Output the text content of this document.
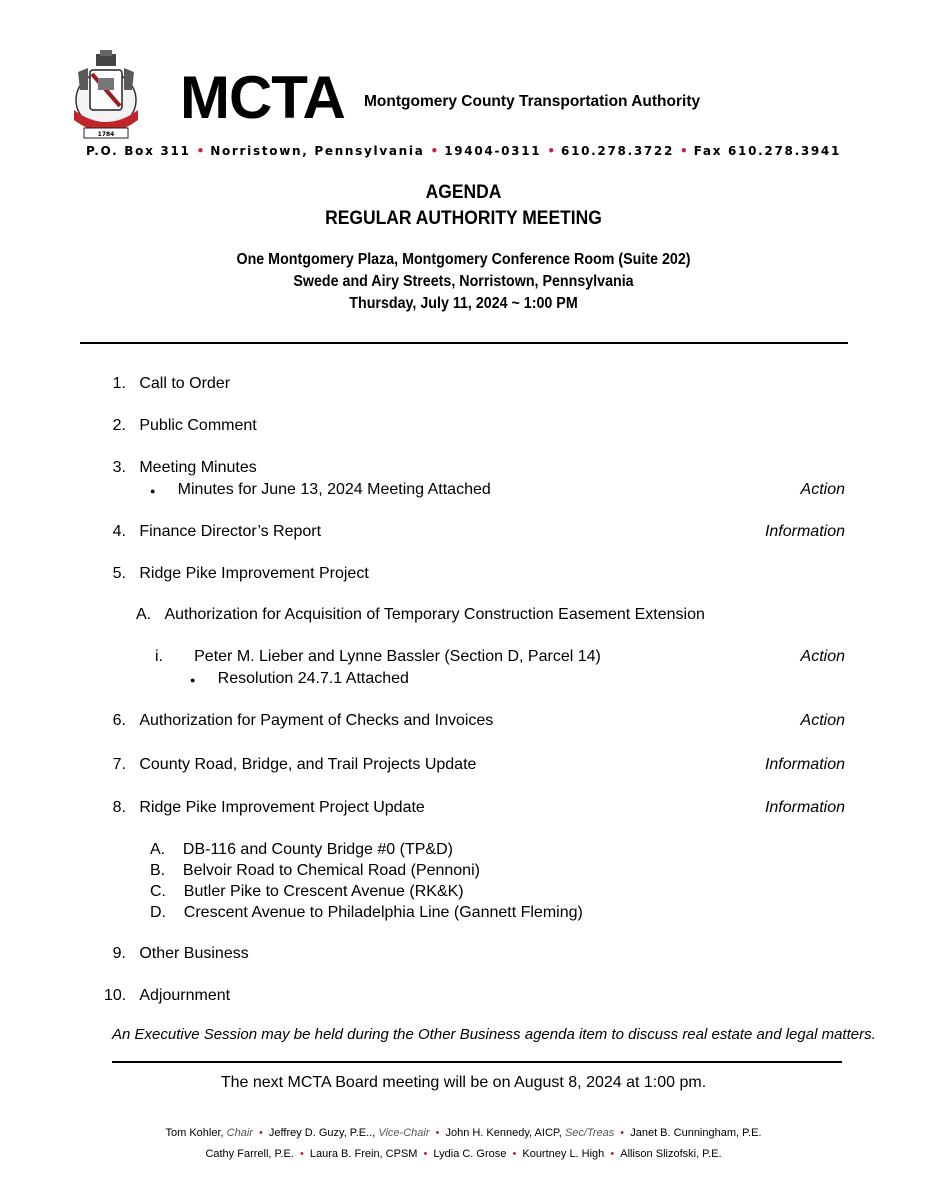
1784
MCTA Montgomery County Transportation Authority
P.O. Box 311 • Norristown, Pennsylvania • 19404-0311 • 610.278.3722 • Fax 610.278.3941
AGENDA
REGULAR AUTHORITY MEETING
One Montgomery Plaza, Montgomery Conference Room (Suite 202)
Swede and Airy Streets, Norristown, Pennsylvania
Thursday, July 11, 2024 ~ 1:00 PM
1. Call to Order
2. Public Comment
3. Meeting Minutes
● Minutes for June 13, 2024 Meeting Attached	Action
4. Finance Director’s Report	Information
5. Ridge Pike Improvement Project
A. Authorization for Acquisition of Temporary Construction Easement Extension
i. Peter M. Lieber and Lynne Bassler (Section D, Parcel 14)	Action
● Resolution 24.7.1 Attached
6. Authorization for Payment of Checks and Invoices	Action
7. County Road, Bridge, and Trail Projects Update	Information
8. Ridge Pike Improvement Project Update	Information
A. DB-116 and County Bridge #0 (TP&D)
B. Belvoir Road to Chemical Road (Pennoni)
C. Butler Pike to Crescent Avenue (RK&K)
D. Crescent Avenue to Philadelphia Line (Gannett Fleming)
9. Other Business
10. Adjournment
An Executive Session may be held during the Other Business agenda item to discuss real estate and legal matters.
The next MCTA Board meeting will be on August 8, 2024 at 1:00 pm.
Tom Kohler, Chair • Jeffrey D. Guzy, P.E.., Vice-Chair • John H. Kennedy, AICP, Sec/Treas • Janet B. Cunningham, P.E.
Cathy Farrell, P.E. • Laura B. Frein, CPSM • Lydia C. Grose • Kourtney L. High • Allison Slizofski, P.E.
